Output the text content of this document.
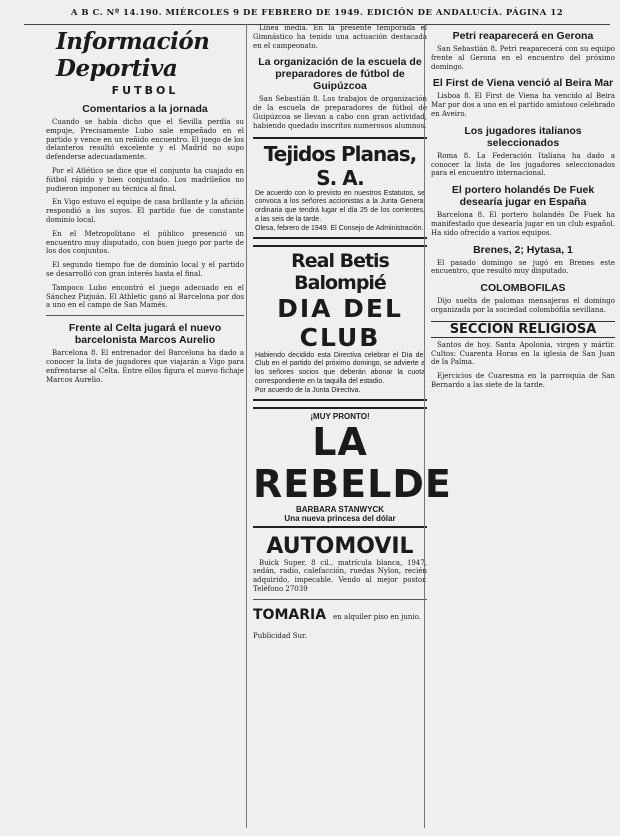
A B C. Nº 14.190. MIÉRCOLES 9 DE FEBRERO DE 1949. EDICIÓN DE ANDALUCÍA. PÁGINA 12
Información Deportiva
FUTBOL
Comentarios a la jornada

Cuando se había dicho que el Sevilla perdía su empuje, Precisamente Lubo sale empeñado en el partido y vence en un reñido encuentro. El juego de los delanteros resultó excelente y el Madrid no supo defenderse adecuadamente.

Por el Atlético se dice que el conjunto ha cuajado en fútbol rápido y bien conjuntado. Los madrileños no pudieron imponer su técnica al final.

En Vigo estuvo el equipo de casa brillante y la afición respondió a los suyos. El partido fue de constante dominio local.

En el Metropolitano el público presenció un encuentro muy disputado, con buen juego por parte de los dos conjuntos.

El segundo tiempo fue de dominio local y el partido se desarrolló con gran interés hasta el final.

Tampoco Lubo encontró el juego adecuado en el Sánchez Pizjuán. El Athletic ganó al Barcelona por dos a uno en el campo de San Mamés.

Frente al Celta jugará el nuevo barcelonista Marcos Aurelio

Barcelona 8. El entrenador del Barcelona ha dado a conocer la lista de jugadores que viajarán a Vigo para enfrentarse al Celta. Entre ellos figura el nuevo fichaje Marcos Aurelio.

Línea media. En la presente temporada el Gimnástico ha tenido una actuación destacada en el campeonato.

La organización de la escuela de preparadores de fútbol de Guipúzcoa

San Sebastián 8. Los trabajos de organización de la escuela de preparadores de fútbol de Guipúzcoa se llevan a cabo con gran actividad, habiendo quedado inscritos numerosos alumnos.

Tejidos Planas, S. A.
De acuerdo con lo previsto en nuestros Estatutos, se convoca a los señores accionistas a la Junta General ordinaria que tendrá lugar el día 25 de los corrientes, a las seis de la tarde.
Olesa, febrero de 1949. El Consejo de Administración.
Real Betis Balompié
DIA DEL CLUB
Habiendo decidido esta Directiva celebrar el Día del Club en el partido del próximo domingo, se advierte a los señores socios que deberán abonar la cuota correspondiente en la taquilla del estadio.
Por acuerdo de la Junta Directiva.
¡MUY PRONTO!
LA REBELDE
BARBARA STANWYCK
Una nueva princesa del dólar
AUTOMOVIL

Buick Super, 8 cil., matrícula blanca, 1947, sedán, radio, calefacción, ruedas Nylon, recién adquirido, impecable. Vendo al mejor postor. Teléfono 27039

TOMARIA en alquiler piso en junio. Publicidad Sur.
Petri reaparecerá en Gerona

San Sebastián 8. Petri reaparecerá con su equipo frente al Gerona en el encuentro del próximo domingo.

El First de Viena venció al Beira Mar

Lisboa 8. El First de Viena ha vencido al Beira Mar por dos a uno en el partido amistoso celebrado en Aveiro.

Los jugadores italianos seleccionados

Roma 8. La Federación Italiana ha dado a conocer la lista de los jugadores seleccionados para el encuentro internacional.

El portero holandés De Fuek desearía jugar en España

Barcelona 8. El portero holandés De Fuek ha manifestado que desearía jugar en un club español. Ha sido ofrecido a varios equipos.

Brenes, 2; Hytasa, 1

El pasado domingo se jugó en Brenes este encuentro, que resultó muy disputado.

COLOMBOFILAS

Dijo suelta de palomas mensajeras el domingo organizada por la sociedad colombófila sevillana.

SECCION RELIGIOSA

Santos de hoy. Santa Apolonia, virgen y mártir. Cultos: Cuarenta Horas en la iglesia de San Juan de la Palma.

Ejercicios de Cuaresma en la parroquia de San Bernardo a las siete de la tarde.
